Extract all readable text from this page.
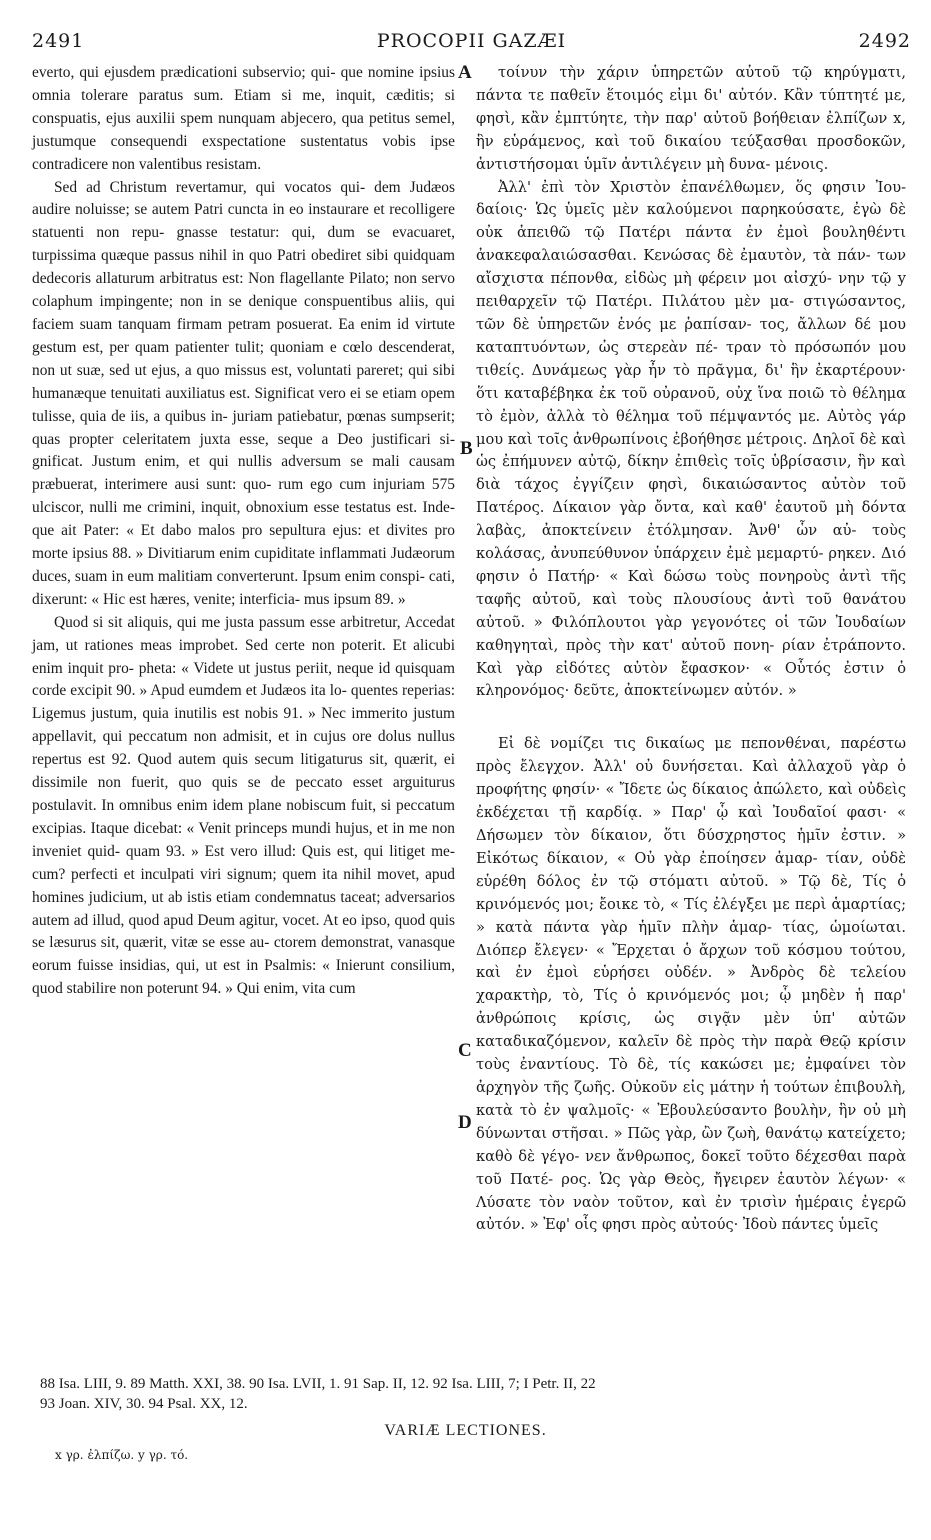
2491	PROCOPII GAZÆI	2492

everto, qui ejusdem prædicationi subservio; qui- que nomine ipsius omnia tolerare paratus sum. Etiam si me, inquit, cæditis; si conspuatis, ejus auxilii spem nunquam abjecero, qua petitus semel, justumque consequendi exspectatione sustentatus vobis ipse contradicere non valentibus resistam.

Sed ad Christum revertamur, qui vocatos qui- dem Judæos audire noluisse; se autem Patri cuncta in eo instaurare et recolligere statuenti non repu- gnasse testatur: qui, dum se evacuaret, turpissima quæque passus nihil in quo Patri obediret sibi quidquam dedecoris allaturum arbitratus est: Non flagellante Pilato; non servo colaphum impingente; non in se denique conspuentibus aliis, qui faciem suam tanquam firmam petram posuerat. Ea enim id virtute gestum est, per quam patienter tulit; quoniam e cœlo descenderat, non ut suæ, sed ut ejus, a quo missus est, voluntati pareret; qui sibi humanæque tenuitati auxiliatus est. Significat vero ei se etiam opem tulisse, quia de iis, a quibus in- juriam patiebatur, pœnas sumpserit; quas propter celeritatem juxta esse, seque a Deo justificari si- gnificat. Justum enim, et qui nullis adversum se mali causam præbuerat, interimere ausi sunt: quo- rum ego cum injuriam 575 ulciscor, nulli me crimini, inquit, obnoxium esse testatus est. Inde- que ait Pater: « Et dabo malos pro sepultura ejus: et divites pro morte ipsius 88. » Divitiarum enim cupiditate inflammati Judæorum duces, suam in eum malitiam converterunt. Ipsum enim conspi- cati, dixerunt: « Hic est hæres, venite; interficia- mus ipsum 89. »

Quod si sit aliquis, qui me justa passum esse arbitretur, Accedat jam, ut rationes meas improbet. Sed certe non poterit. Et alicubi enim inquit pro- pheta: « Videte ut justus periit, neque id quisquam corde excipit 90. » Apud eumdem et Judæos ita lo- quentes reperias: Ligemus justum, quia inutilis est nobis 91. » Nec immerito justum appellavit, qui peccatum non admisit, et in cujus ore dolus nullus repertus est 92. Quod autem quis secum litigaturus sit, quærit, ei dissimile non fuerit, quo quis se de peccato esset arguiturus postulavit. In omnibus enim idem plane nobiscum fuit, si peccatum excipias. Itaque dicebat: « Venit princeps mundi hujus, et in me non inveniet quid- quam 93. » Est vero illud: Quis est, qui litiget me- cum? perfecti et inculpati viri signum; quem ita nihil movet, apud homines judicium, ut ab istis etiam condemnatus taceat; adversarios autem ad illud, quod apud Deum agitur, vocet. At eo ipso, quod quis se læsurus sit, quærit, vitæ se esse au- ctorem demonstrat, vanasque eorum fuisse insidias, qui, ut est in Psalmis: « Inierunt consilium, quod stabilire non poterunt 94. » Qui enim, vita cum

A
B
C
D

τοίνυν τὴν χάριν ὑπηρετῶν αὐτοῦ τῷ κηρύγματι, πάντα τε παθεῖν ἕτοιμός εἰμι δι' αὐτόν. Κἂν τύπτητέ με, φησὶ, κἂν ἐμπτύητε, τὴν παρ' αὐτοῦ βοήθειαν ἐλπίζων x, ἣν εὑράμενος, καὶ τοῦ δικαίου τεύξασθαι προσδοκῶν, ἀντιστήσομαι ὑμῖν ἀντιλέγειν μὴ δυνα- μένοις.

Ἀλλ' ἐπὶ τὸν Χριστὸν ἐπανέλθωμεν, ὅς φησιν Ἰου- δαίοις· Ὡς ὑμεῖς μὲν καλούμενοι παρηκούσατε, ἐγὼ δὲ οὐκ ἀπειθῶ τῷ Πατέρι πάντα ἐν ἐμοὶ βουληθέντι ἀνακεφαλαιώσασθαι. Κενώσας δὲ ἐμαυτὸν, τὰ πάν- των αἴσχιστα πέπονθα, εἰδὼς μὴ φέρειν μοι αἰσχύ- νην τῷ y πειθαρχεῖν τῷ Πατέρι. Πιλάτου μὲν μα- στιγώσαντος, τῶν δὲ ὑπηρετῶν ἑνός με ῥαπίσαν- τος, ἄλλων δέ μου καταπτυόντων, ὡς στερεὰν πέ- τραν τὸ πρόσωπόν μου τιθείς. Δυνάμεως γὰρ ἦν τὸ πρᾶγμα, δι' ἣν ἐκαρτέρουν· ὅτι καταβέβηκα ἐκ τοῦ οὐρανοῦ, οὐχ ἵνα ποιῶ τὸ θέλημα τὸ ἐμὸν, ἀλλὰ τὸ θέλημα τοῦ πέμψαντός με. Αὐτὸς γάρ μου καὶ τοῖς ἀνθρωπίνοις ἐβοήθησε μέτροις. Δηλοῖ δὲ καὶ ὡς ἐπήμυνεν αὐτῷ, δίκην ἐπιθεὶς τοῖς ὑβρίσασιν, ἣν καὶ διὰ τάχος ἐγγίζειν φησὶ, δικαιώσαντος αὐτὸν τοῦ Πατέρος. Δίκαιον γὰρ ὄντα, καὶ καθ' ἑαυτοῦ μὴ δόντα λαβὰς, ἀποκτείνειν ἐτόλμησαν. Ἀνθ' ὧν αὐ- τοὺς κολάσας, ἀνυπεύθυνον ὑπάρχειν ἐμὲ μεμαρτύ- ρηκεν. Διό φησιν ὁ Πατήρ· « Καὶ δώσω τοὺς πονηροὺς ἀντὶ τῆς ταφῆς αὐτοῦ, καὶ τοὺς πλουσίους ἀντὶ τοῦ θανάτου αὐτοῦ. » Φιλόπλουτοι γὰρ γεγονότες οἱ τῶν Ἰουδαίων καθηγηταὶ, πρὸς τὴν κατ' αὐτοῦ πονη- ρίαν ἐτράποντο. Καὶ γὰρ εἰδότες αὐτὸν ἔφασκον· « Οὗτός ἐστιν ὁ κληρονόμος· δεῦτε, ἀποκτείνωμεν αὐτόν. »

Εἰ δὲ νομίζει τις δικαίως με πεπονθέναι, παρέστω πρὸς ἔλεγχον. Ἀλλ' οὐ δυνήσεται. Καὶ ἀλλαχοῦ γὰρ ὁ προφήτης φησίν· « Ἴδετε ὡς δίκαιος ἀπώλετο, καὶ οὐδεὶς ἐκδέχεται τῇ καρδίᾳ. » Παρ' ᾧ καὶ Ἰουδαῖοί φασι· « Δήσωμεν τὸν δίκαιον, ὅτι δύσχρηστος ἡμῖν ἐστιν. » Εἰκότως δίκαιον, « Οὐ γὰρ ἐποίησεν ἁμαρ- τίαν, οὐδὲ εὑρέθη δόλος ἐν τῷ στόματι αὐτοῦ. » Τῷ δὲ, Τίς ὁ κρινόμενός μοι; ἔοικε τὸ, « Τίς ἐλέγξει με περὶ ἁμαρτίας; » κατὰ πάντα γὰρ ἡμῖν πλὴν ἁμαρ- τίας, ὡμοίωται. Διόπερ ἔλεγεν· « Ἔρχεται ὁ ἄρχων τοῦ κόσμου τούτου, καὶ ἐν ἐμοὶ εὑρήσει οὐδέν. » Ἀνδρὸς δὲ τελείου χαρακτὴρ, τὸ, Τίς ὁ κρινόμενός μοι; ᾧ μηδὲν ἡ παρ' ἀνθρώποις κρίσις, ὡς σιγᾷν μὲν ὑπ' αὐτῶν καταδικαζόμενον, καλεῖν δὲ πρὸς τὴν παρὰ Θεῷ κρίσιν τοὺς ἐναντίους. Τὸ δὲ, τίς κακώσει με; ἐμφαίνει τὸν ἀρχηγὸν τῆς ζωῆς. Οὐκοῦν εἰς μάτην ἡ τούτων ἐπιβουλὴ, κατὰ τὸ ἐν ψαλμοῖς· « Ἐβουλεύσαντο βουλὴν, ἣν οὐ μὴ δύνωνται στῆσαι. » Πῶς γὰρ, ὢν ζωὴ, θανάτῳ κατείχετο; καθὸ δὲ γέγο- νεν ἄνθρωπος, δοκεῖ τοῦτο δέχεσθαι παρὰ τοῦ Πατέ- ρος. Ὡς γὰρ Θεὸς, ἤγειρεν ἑαυτὸν λέγων· « Λύσατε τὸν ναὸν τοῦτον, καὶ ἐν τρισὶν ἡμέραις ἐγερῶ αὐτόν. » Ἐφ' οἷς φησι πρὸς αὐτούς· Ἰδοὺ πάντες ὑμεῖς

88 Isa. LIII, 9. 89 Matth. XXI, 38. 90 Isa. LVII, 1. 91 Sap. II, 12. 92 Isa. LIII, 7; I Petr. II, 22
93 Joan. XIV, 30. 94 Psal. XX, 12.
VARIÆ LECTIONES.
x γρ. ἐλπίζω. y γρ. τό.
